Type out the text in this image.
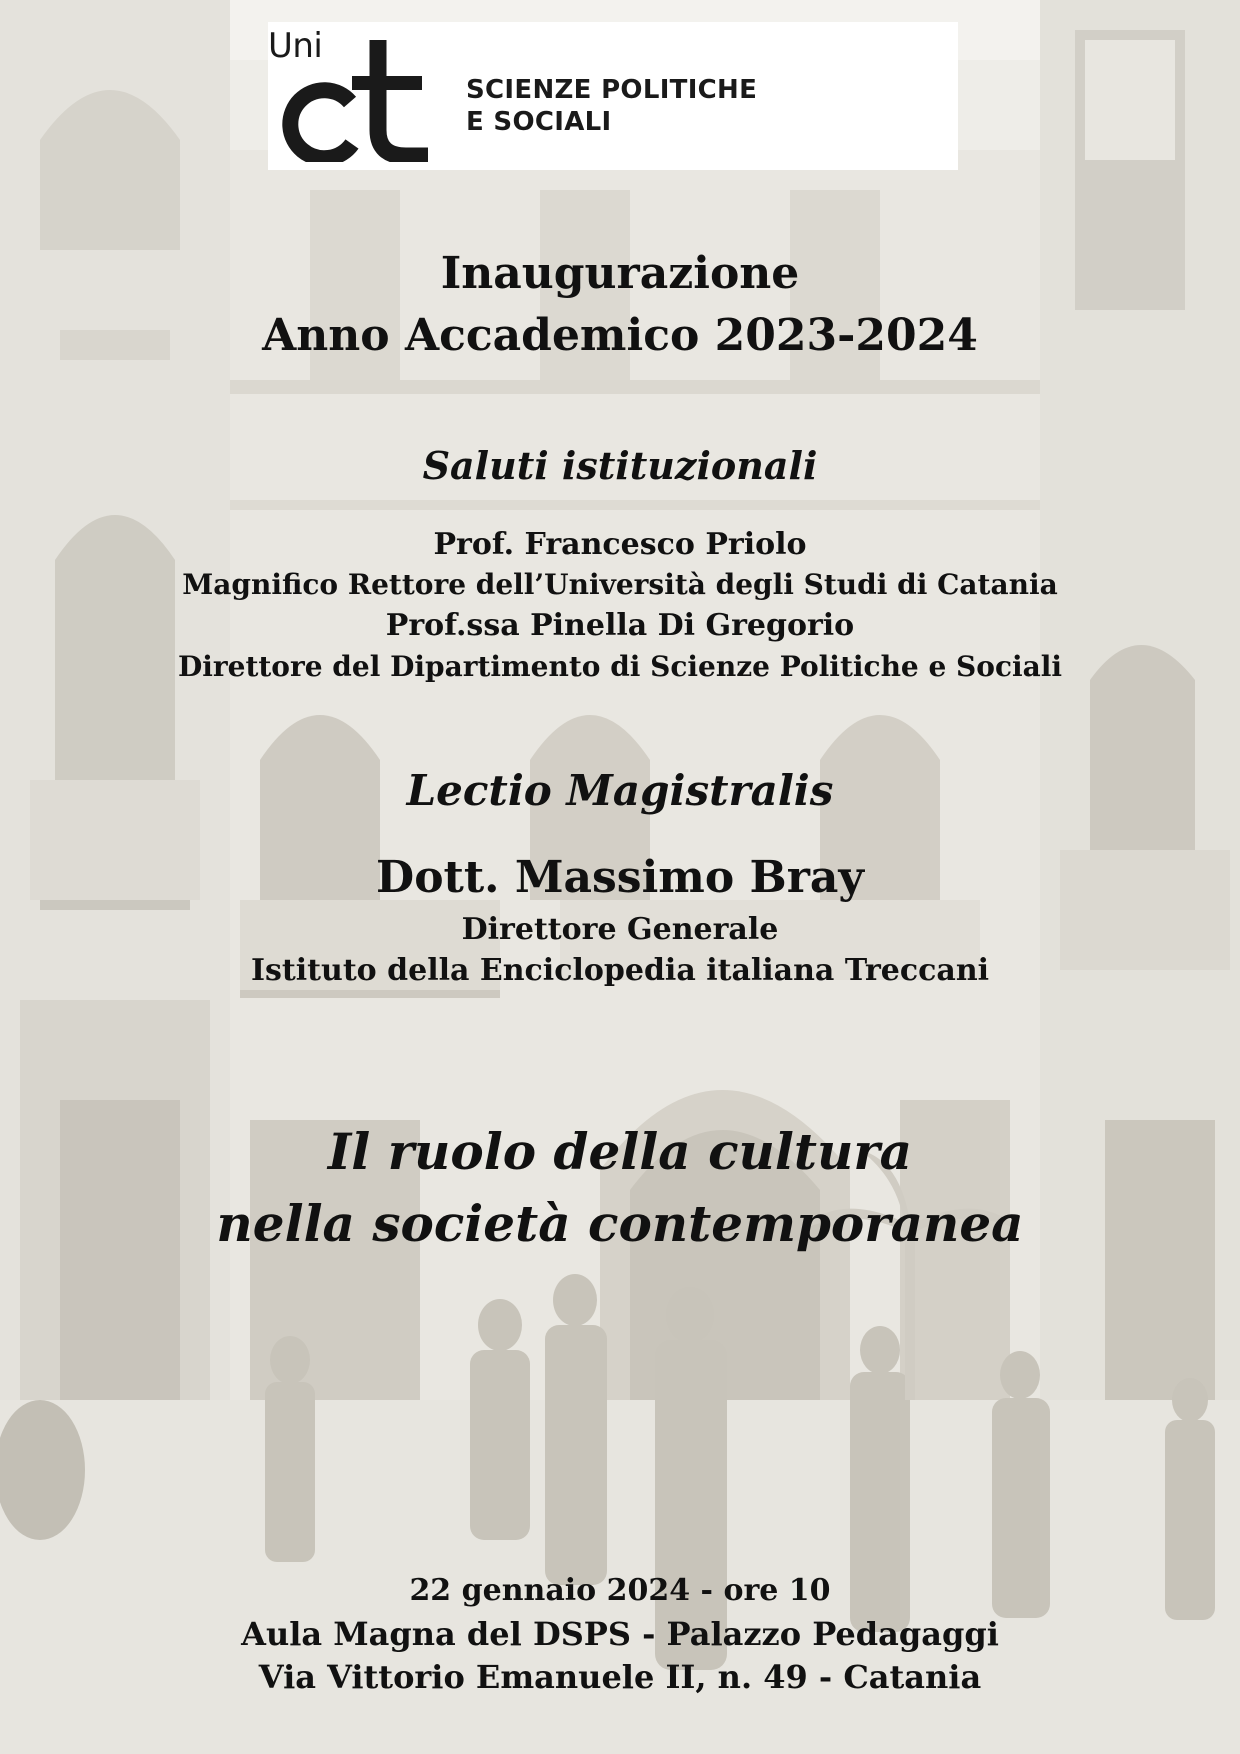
Uni
SCIENZE POLITICHE
E SOCIALI
Inaugurazione
Anno Accademico 2023-2024
Saluti istituzionali
Prof. Francesco Priolo
Magnifico Rettore dell’Università degli Studi di Catania
Prof.ssa Pinella Di Gregorio
Direttore del Dipartimento di Scienze Politiche e Sociali
Lectio Magistralis
Dott. Massimo Bray
Direttore Generale
Istituto della Enciclopedia italiana Treccani
Il ruolo della cultura
nella società contemporanea
22 gennaio 2024 - ore 10
Aula Magna del DSPS - Palazzo Pedagaggi
Via Vittorio Emanuele II, n. 49 - Catania
